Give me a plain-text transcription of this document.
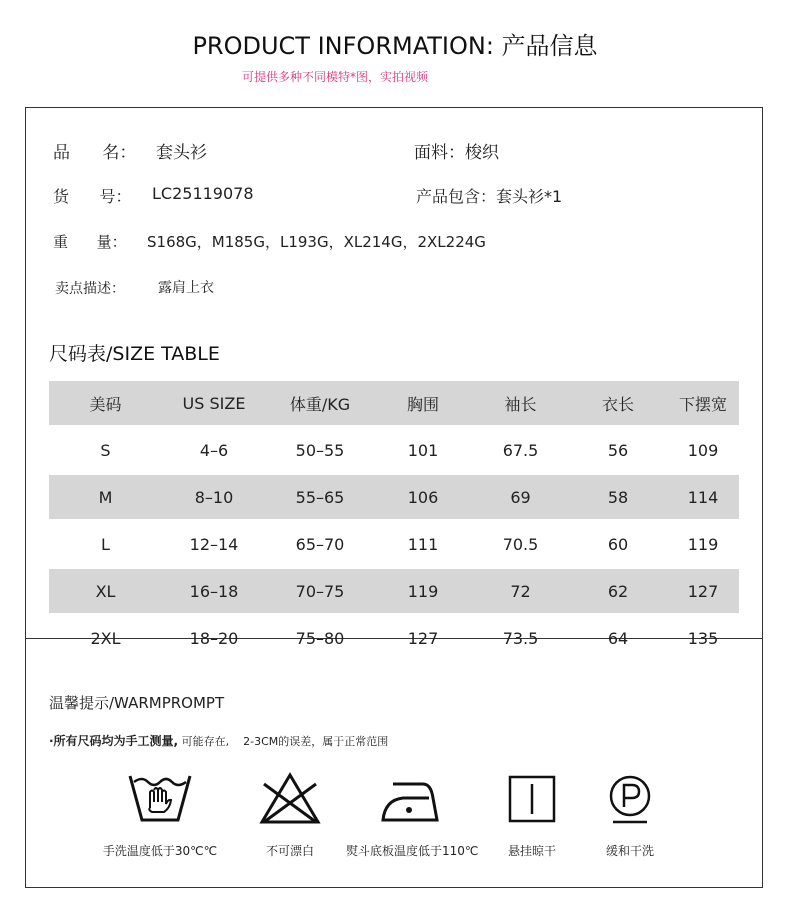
PRODUCT INFORMATION: 产品信息
可提供多种不同模特*图，实拍视频
品      名： 套头衫	面料：梭织
货      号： LC25119078	产品包含：套头衫*1
重      量： S168G，M185G，L193G，XL214G，2XL224G
卖点描述： 露肩上衣
尺码表/SIZE TABLE
美码	US SIZE	体重/KG	胸围	袖长	衣长	下摆宽
S	4–6	50–55	101	67.5	56	109
M	8–10	55–65	106	69	58	114
L	12–14	65–70	111	70.5	60	119
XL	16–18	70–75	119	72	62	127
2XL	18–20	75–80	127	73.5	64	135
温馨提示/WARMPROMPT
·所有尺码均为手工测量, 可能存在, 2-3CM的误差，属于正常范围
手洗温度低于30℃℃	不可漂白	熨斗底板温度低于110℃	悬挂晾干	缓和干洗
